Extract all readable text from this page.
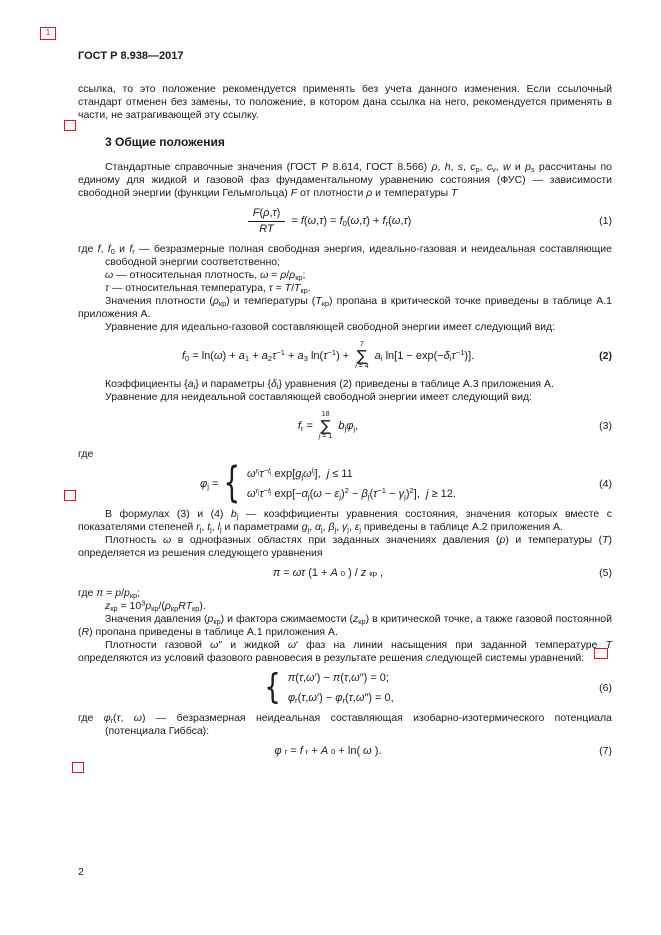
ГОСТ Р 8.938—2017

ссылка, то это положение рекомендуется применять без учета данного изменения. Если ссылочный стандарт отменен без замены, то положение, в котором дана ссылка на него, рекомендуется применять в части, не затрагивающей эту ссылку.

3 Общие положения

Стандартные справочные значения (ГОСТ Р 8.614, ГОСТ 8.566) ρ, h, s, $c_р$, $c_v$, w и $p_s$ рассчитаны по единому для жидкой и газовой фаз фундаментальному уравнению состояния (ФУС) — зависимости свободной энергии (функции Гельмгольца) F от плотности ρ и температуры T

$\frac{F(\rho,\tau)}{RT} = f(\omega,\tau) = f_0(\omega,\tau) + f_r(\omega,\tau)$	(1)

где f, $f_0$ и $f_r$ — безразмерные полная свободная энергия, идеально-газовая и неидеальная составляющие свободной энергии соответственно;

ω — относительная плотность, $\omega = \rho/\rho_{кр}$;
τ — относительная температура, $\tau = T/T_{кр}$.

Значения плотности $(\rho_{кр})$ и температуры $(T_{кр})$ пропана в критической точке приведены в таблице А.1 приложения А.

Уравнение для идеально-газовой составляющей свободной энергии имеет следующий вид:

$f_0 = \ln(\omega) + a_1 + a_2\tau^{-1} + a_3$ $\ln(\tau^{-1})$ +
7
∑
i = 4
$a_i$ $\ln[1 - \exp(-\delta_i\tau^{-1})]$.	(2)

Коэффициенты $\{a_i\}$ и параметры $\{\delta_i\}$ уравнения (2) приведены в таблице А.3 приложения А.

Уравнение для неидеальной составляющей свободной энергии имеет следующий вид:

$f_r$ =
18
∑
j = 1
$b_j\varphi_j$,	(3)
где
$\varphi_j$ = { $\omega^{r_j}\tau^{-t_j}$ $\exp[g_j\omega^{l_j}]$,  j ≤ 11
$\omega^{r_j}\tau^{-t_j}$ $\exp[-\alpha_j(\omega - \varepsilon_j)^2 - \beta_j(\tau^{-1} - \gamma_j)^2]$,  j ≥ 12.
(4)

В формулах (3) и (4) $b_j$ — коэффициенты уравнения состояния, значения которых вместе с показателями степеней $r_j$, $t_j$, $l_j$ и параметрами $g_j$, $\alpha_j$, $\beta_j$, $\gamma_j$, $\varepsilon_j$ приведены в таблице А.2 приложения А.

Плотность ω в однофазных областях при заданных значениях давления (p) и температуры (T) определяется из решения следующего уравнения

π = ωτ (1 + A 0 ) / z кр ,	(5)
где $\pi = p/p_{кр}$;
$z_{кр} = 10^3p_{кр}/(\rho_{кр}RT_{кр})$.

Значения давления $(p_{кр})$ и фактора сжимаемости $(z_{кр})$ в критической точке, а также газовой постоянной (R) пропана приведены в таблице А.1 приложения А.

Плотности газовой ω″ и жидкой ω′ фаз на линии насыщения при заданной температуре T определяются из условий фазового равновесия в результате решения следующей системы уравнений:

{ π(τ,ω′) − π(τ,ω″) = 0;
$\varphi_r(\tau,\omega') - \varphi_r(\tau,\omega'') = 0$,
(6)

где $\varphi_r(\tau$, ω) — безразмерная неидеальная составляющая изобарно-изотермического потенциала (потенциала Гиббса):

φ r = f r + A 0 + ln( ω ).	(7)
2
1
